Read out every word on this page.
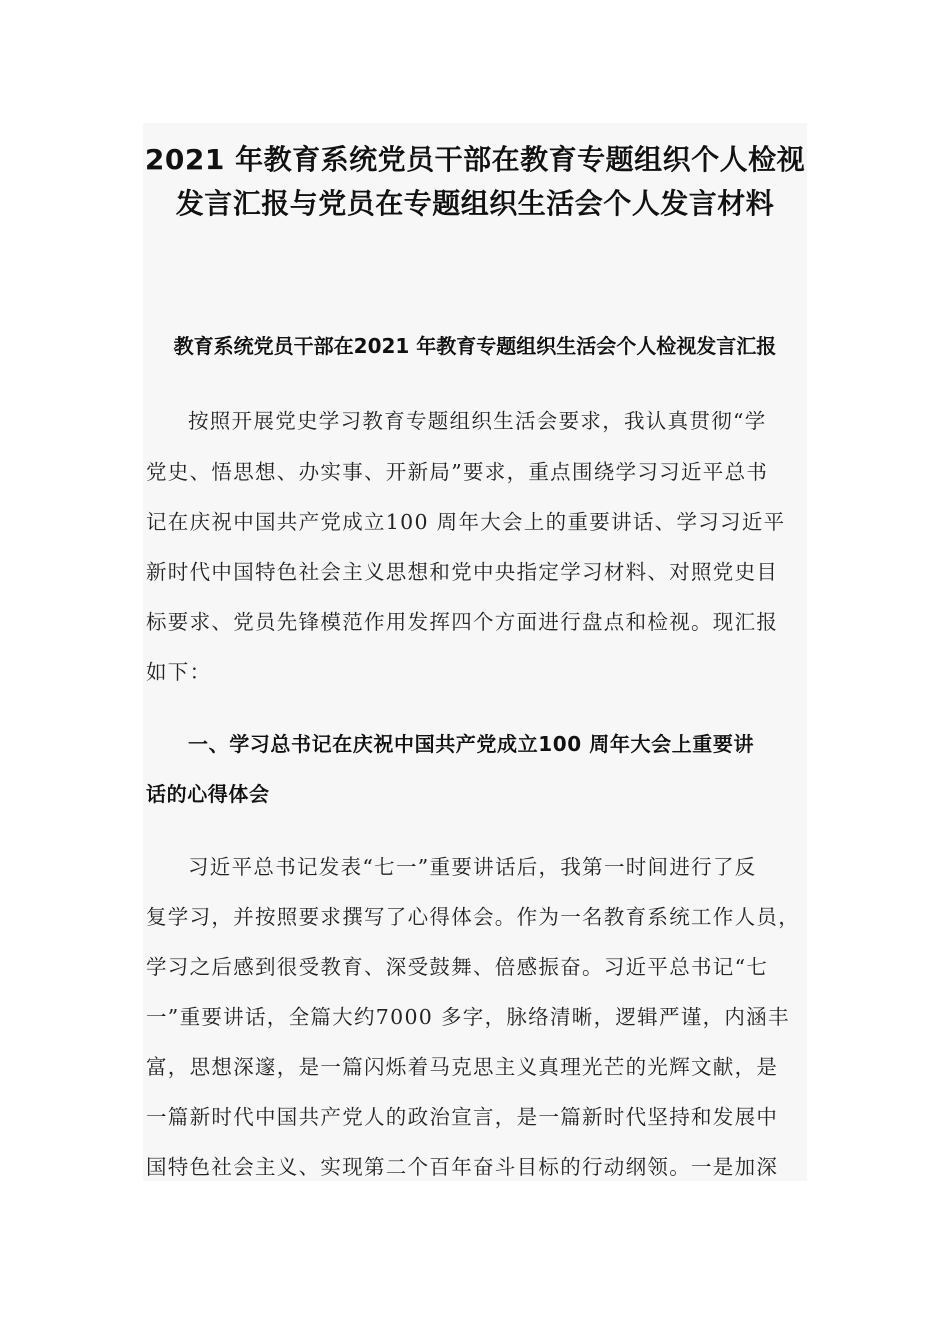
2021 年教育系统党员干部在教育专题组织个人检视
发言汇报与党员在专题组织生活会个人发言材料
教育系统党员干部在2021 年教育专题组织生活会个人检视发言汇报
按照开展党史学习教育专题组织生活会要求，我认真贯彻“学
党史、悟思想、办实事、开新局”要求，重点围绕学习习近平总书
记在庆祝中国共产党成立100 周年大会上的重要讲话、学习习近平
新时代中国特色社会主义思想和党中央指定学习材料、对照党史目
标要求、党员先锋模范作用发挥四个方面进行盘点和检视。现汇报
如下：
一、学习总书记在庆祝中国共产党成立100 周年大会上重要讲
话的心得体会
习近平总书记发表“七一”重要讲话后，我第一时间进行了反
复学习，并按照要求撰写了心得体会。作为一名教育系统工作人员，
学习之后感到很受教育、深受鼓舞、倍感振奋。习近平总书记“七
一”重要讲话，全篇大约7000 多字，脉络清晰，逻辑严谨，内涵丰
富，思想深邃，是一篇闪烁着马克思主义真理光芒的光辉文献，是
一篇新时代中国共产党人的政治宣言，是一篇新时代坚持和发展中
国特色社会主义、实现第二个百年奋斗目标的行动纲领。一是加深
